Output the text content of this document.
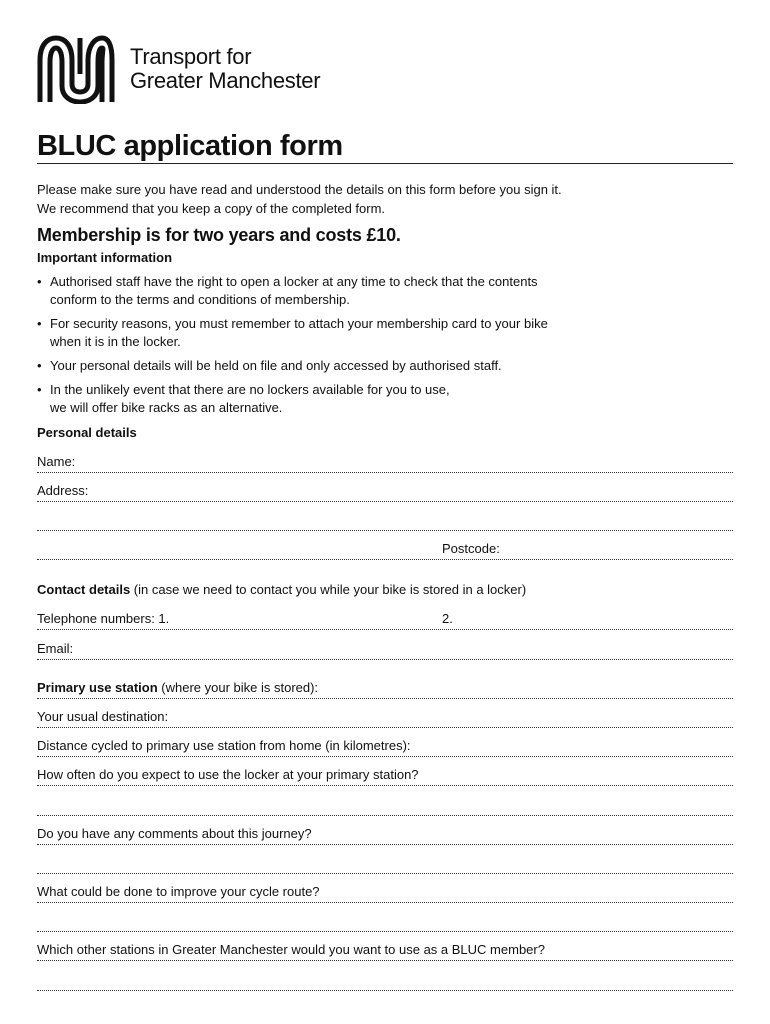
Transport for
Greater Manchester
BLUC application form
Please make sure you have read and understood the details on this form before you sign it.
We recommend that you keep a copy of the completed form.
Membership is for two years and costs £10.
Important information
• Authorised staff have the right to open a locker at any time to check that the contents
conform to the terms and conditions of membership.
• For security reasons, you must remember to attach your membership card to your bike
when it is in the locker.
• Your personal details will be held on file and only accessed by authorised staff.
• In the unlikely event that there are no lockers available for you to use,
we will offer bike racks as an alternative.
Personal details
Name:
Address:
Postcode:
Contact details (in case we need to contact you while your bike is stored in a locker)
Telephone numbers: 1.	2.
Email:
Primary use station (where your bike is stored):
Your usual destination:
Distance cycled to primary use station from home (in kilometres):
How often do you expect to use the locker at your primary station?
Do you have any comments about this journey?
What could be done to improve your cycle route?
Which other stations in Greater Manchester would you want to use as a BLUC member?
